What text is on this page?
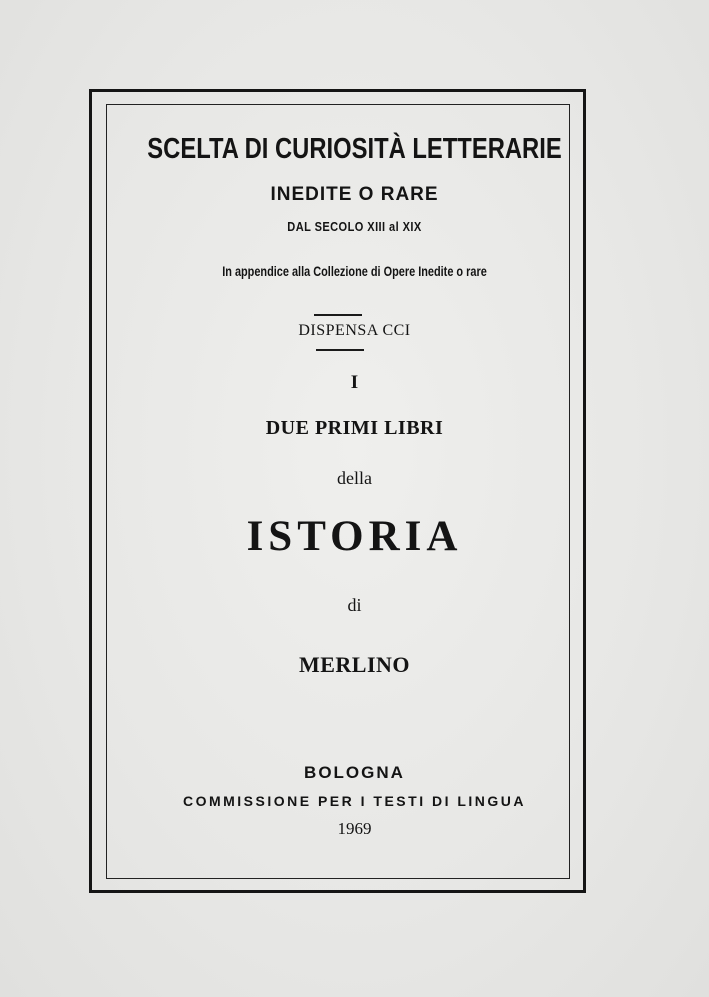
SCELTA DI CURIOSITÀ LETTERARIE
INEDITE O RARE
DAL SECOLO XIII al XIX
In appendice alla Collezione di Opere Inedite o rare
DISPENSA CCI
I
DUE PRIMI LIBRI
della
ISTORIA
di
MERLINO
BOLOGNA
COMMISSIONE PER I TESTI DI LINGUA
1969
